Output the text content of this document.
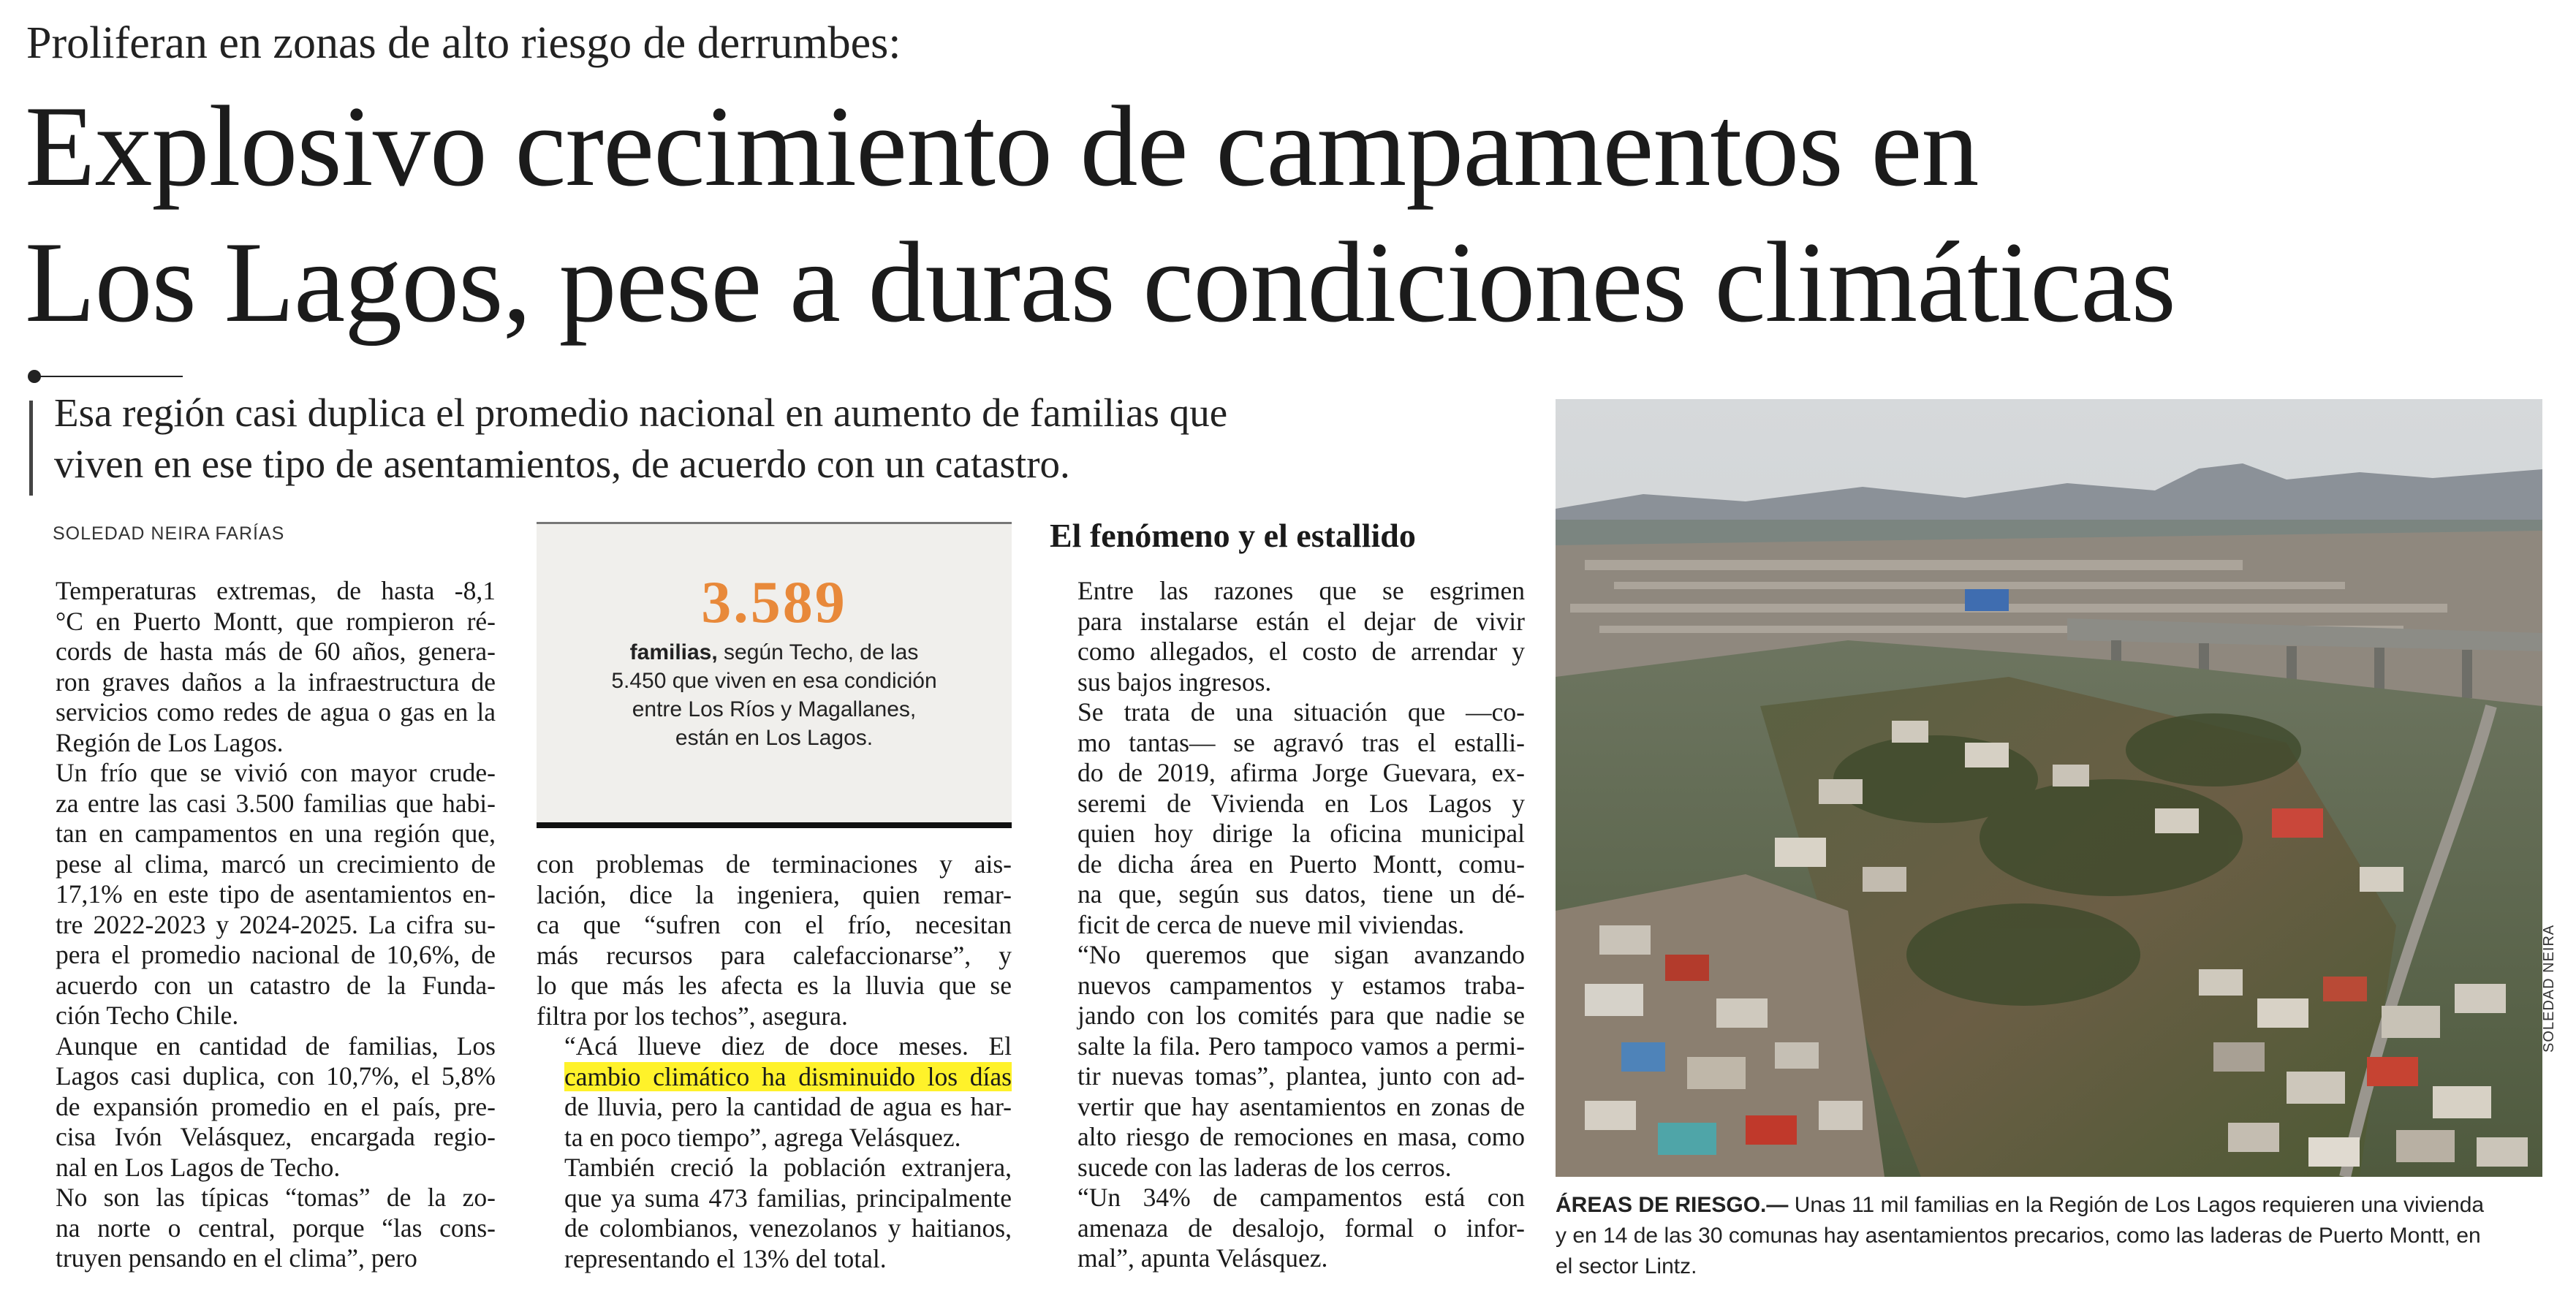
Proliferan en zonas de alto riesgo de derrumbes:
Explosivo crecimiento de campamentos en
Los Lagos, pese a duras condiciones climáticas
Esa región casi duplica el promedio nacional en aumento de familias que
viven en ese tipo de asentamientos, de acuerdo con un catastro.
SOLEDAD NEIRA FARÍAS

Temperaturas extremas, de hasta -8,1
°C en Puerto Montt, que rompieron ré-
cords de hasta más de 60 años, genera-
ron graves daños a la infraestructura de
servicios como redes de agua o gas en la
Región de Los Lagos.

Un frío que se vivió con mayor crude-
za entre las casi 3.500 familias que habi-
tan en campamentos en una región que,
pese al clima, marcó un crecimiento de
17,1% en este tipo de asentamientos en-
tre 2022-2023 y 2024-2025. La cifra su-
pera el promedio nacional de 10,6%, de
acuerdo con un catastro de la Funda-
ción Techo Chile.

Aunque en cantidad de familias, Los
Lagos casi duplica, con 10,7%, el 5,8%
de expansión promedio en el país, pre-
cisa Ivón Velásquez, encargada regio-
nal en Los Lagos de Techo.

No son las típicas “tomas” de la zo-
na norte o central, porque “las cons-
truyen pensando en el clima”, pero

3.589
familias, según Techo, de las
5.450 que viven en esa condición
entre Los Ríos y Magallanes,
están en Los Lagos.

con problemas de terminaciones y ais-
lación, dice la ingeniera, quien remar-
ca que “sufren con el frío, necesitan
más recursos para calefaccionarse”, y
lo que más les afecta es la lluvia que se
filtra por los techos”, asegura.

“Acá llueve diez de doce meses. El
cambio climático ha disminuido los días
de lluvia, pero la cantidad de agua es har-
ta en poco tiempo”, agrega Velásquez.

También creció la población extranjera,
que ya suma 473 familias, principalmente
de colombianos, venezolanos y haitianos,
representando el 13% del total.

El fenómeno y el estallido

Entre las razones que se esgrimen
para instalarse están el dejar de vivir
como allegados, el costo de arrendar y
sus bajos ingresos.

Se trata de una situación que —co-
mo tantas— se agravó tras el estalli-
do de 2019, afirma Jorge Guevara, ex-
seremi de Vivienda en Los Lagos y
quien hoy dirige la oficina municipal
de dicha área en Puerto Montt, comu-
na que, según sus datos, tiene un dé-
ficit de cerca de nueve mil viviendas.

“No queremos que sigan avanzando
nuevos campamentos y estamos traba-
jando con los comités para que nadie se
salte la fila. Pero tampoco vamos a permi-
tir nuevas tomas”, plantea, junto con ad-
vertir que hay asentamientos en zonas de
alto riesgo de remociones en masa, como
sucede con las laderas de los cerros.

“Un 34% de campamentos está con
amenaza de desalojo, formal o infor-
mal”, apunta Velásquez.

SOLEDAD NEIRA
ÁREAS DE RIESGO.— Unas 11 mil familias en la Región de Los Lagos requieren una vivienda
y en 14 de las 30 comunas hay asentamientos precarios, como las laderas de Puerto Montt, en
el sector Lintz.
